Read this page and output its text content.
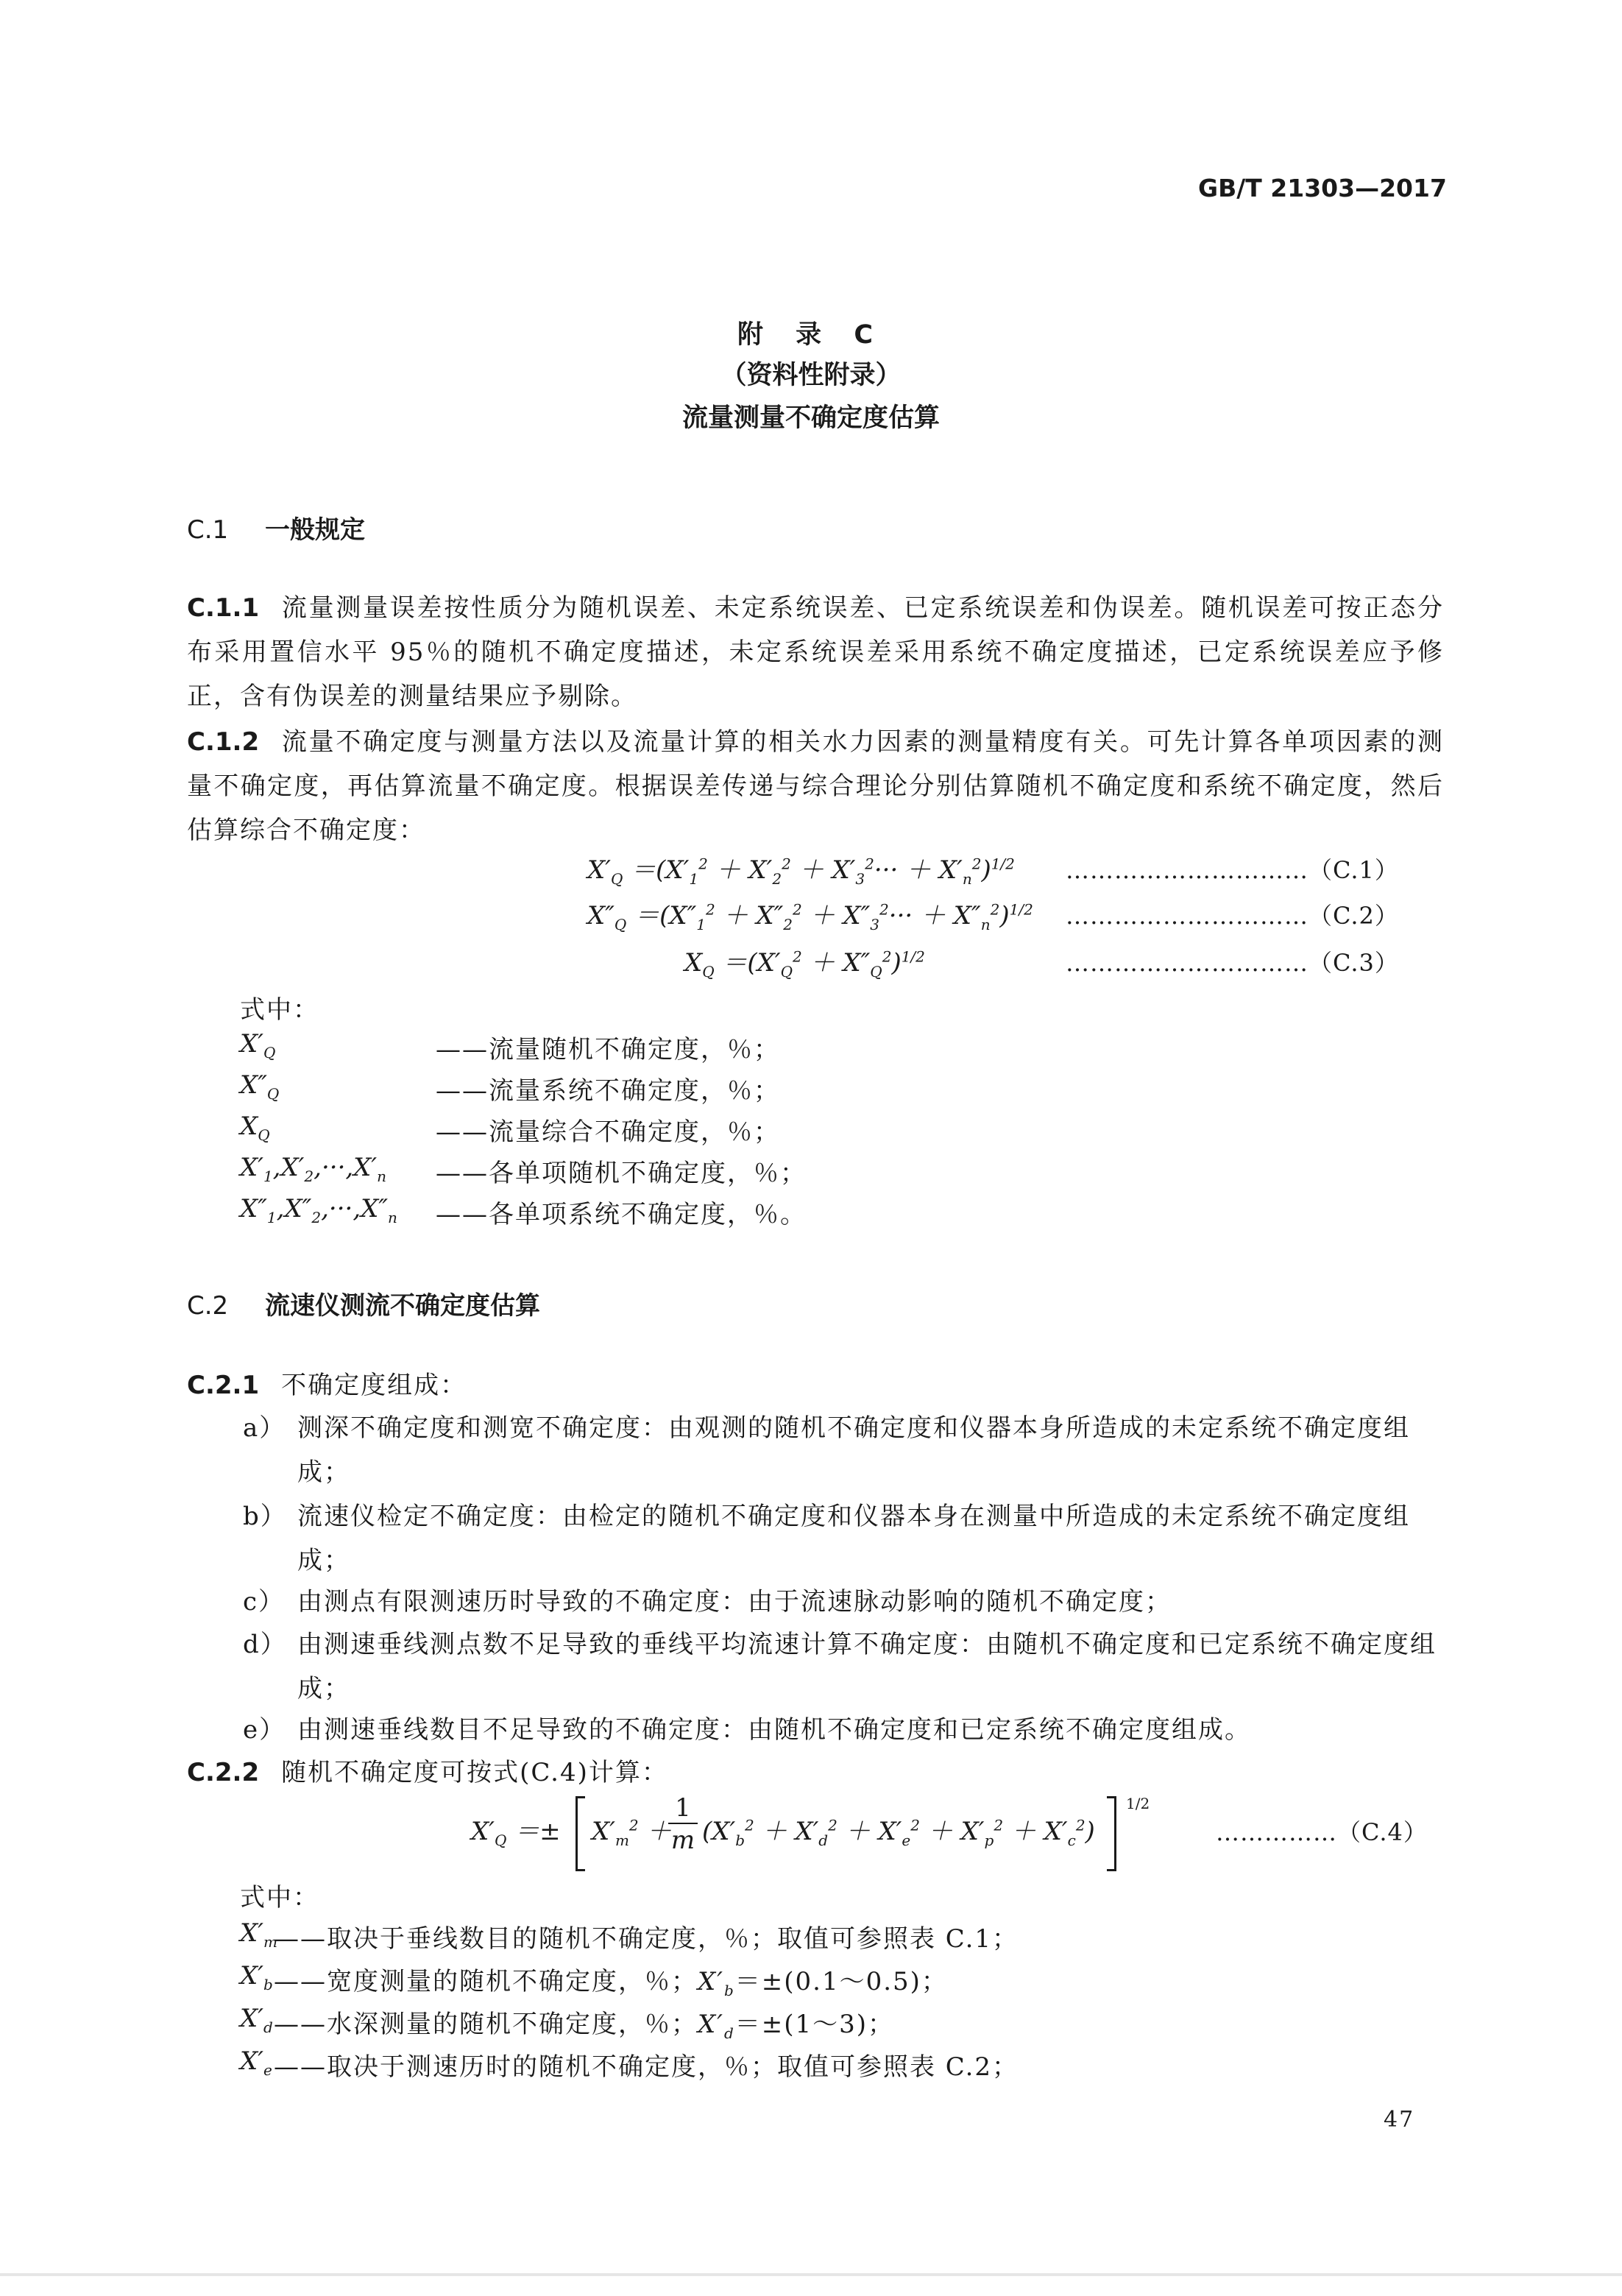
GB/T 21303—2017
附 录 C
（资料性附录）
流量测量不确定度估算
C.1 一般规定
C.1.1 流量测量误差按性质分为随机误差、未定系统误差、已定系统误差和伪误差。随机误差可按正态分布采用置信水平 95％的随机不确定度描述，未定系统误差采用系统不确定度描述，已定系统误差应予修正，含有伪误差的测量结果应予剔除。
C.1.2 流量不确定度与测量方法以及流量计算的相关水力因素的测量精度有关。可先计算各单项因素的测量不确定度，再估算流量不确定度。根据误差传递与综合理论分别估算随机不确定度和系统不确定度，然后估算综合不确定度：
$X'_Q =(X'_1^2 + X'_2^2 + X'_3^2\cdot\cdot\cdot + X'_n^2)^{1/2}$ …………………………（C.1）
$X''_Q =(X''_1^2 + X''_2^2 + X''_3^2\cdot\cdot\cdot + X''_n^2)^{1/2}$ …………………………（C.2）
$X_Q =(X'_Q^2 + X''_Q^2)^{1/2}$	…………………………（C.3）
式中：
$X'_Q$	——流量随机不确定度，％；
$X''_Q$	——流量系统不确定度，％；
$X_Q$	——流量综合不确定度，％；
$X'_1,X'_2,\cdot\cdot\cdot,X'_n$ ——各单项随机不确定度，％；
$X''_1,X''_2,\cdot\cdot\cdot,X''_n$ ——各单项系统不确定度，％。
C.2 流速仪测流不确定度估算
C.2.1 不确定度组成：
a） 测深不确定度和测宽不确定度：由观测的随机不确定度和仪器本身所造成的未定系统不确定度组成；
b） 流速仪检定不确定度：由检定的随机不确定度和仪器本身在测量中所造成的未定系统不确定度组成；
c） 由测点有限测速历时导致的不确定度：由于流速脉动影响的随机不确定度；
d） 由测速垂线测点数不足导致的垂线平均流速计算不确定度：由随机不确定度和已定系统不确定度组成；
e） 由测速垂线数目不足导致的不确定度：由随机不确定度和已定系统不确定度组成。
C.2.2 随机不确定度可按式(C.4)计算：
$X'_Q =\pm X'_m^2$ ＋
$\frac{1}{m} (X'_b^2 + X'_d^2 + X'_e^2 + X'_p^2 + X'_c^2)$
1/2
……………（C.4）
式中：
$X'_m$
——取决于垂线数目的随机不确定度，％；取值可参照表 C.1；
$X'_b$ ——宽度测量的随机不确定度，％；$X'_b=\pm(0.1\sim 0.5)$；
$X'_d$ ——水深测量的随机不确定度，％；$X'_d=\pm(1\sim 3)$；
$X'_e$ ——取决于测速历时的随机不确定度，％；取值可参照表 C.2；
47
